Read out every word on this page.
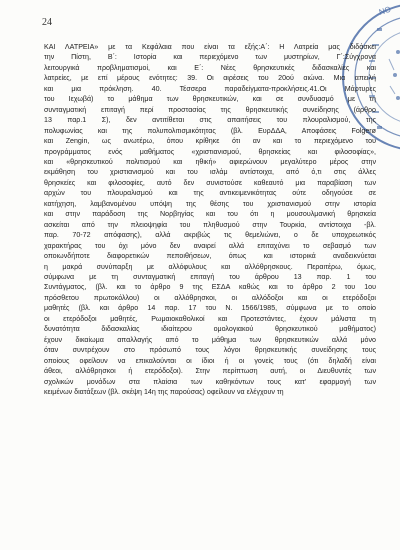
24
ΝΟ
ΚΑΙ ΛΑΤΡΕΙΑ» με τα Κεφάλαια που είναι τα εξής:Α΄: Η Λατρεία μας διδάσκει
την Πίστη, Β΄: Ιστορία και περιεχόμενο των μυστηρίων, Γ΄:Σύγχρονα
λειτουργικά προβληματισμοί, και Ε΄: Νέες θρησκευτικές διδασκαλίες και
λατρείες, με επί μέρους ενότητες: 39. Οι αιρέσεις του 20ού αιώνα. Μια απειλή
και μια πρόκληση. 40. Τέσσερα παραδείγματα-προκλήσεις.41.Οι Μάρτυρες
του Ιεχωβά) το μάθημα των θρησκευτικών, και σε συνδυασμό με τη
συνταγματική επιταγή περί προστασίας της θρησκευτικής συνείδησης (άρθρο
13 παρ.1 Σ), δεν αντιτίθεται στις απαιτήσεις του πλουραλισμού, της
πολυφωνίας και της πολυπολιτισμικότητας (βλ. ΕυρΔΔΑ, Αποφάσεις Folgerø
και Zengin, ως ανωτέρω, όπου κρίθηκε ότι αν και το περιεχόμενο του
προγράμματος ενός μαθήματος «χριστιανισμού, θρησκείας και φιλοσοφίας»,
και «θρησκευτικού πολιτισμού και ηθική» αφιερώνουν μεγαλύτερο μέρος στην
εκμάθηση του χριστιανισμού και του ισλάμ αντίστοιχα, από ό,τι στις άλλες
θρησκείες και φιλοσοφίες, αυτό δεν συνιστούσε καθεαυτό μια παραβίαση των
αρχών του πλουραλισμού και της αντικειμενικότητας ούτε οδηγούσε σε
κατήχηση, λαμβανομένου υπόψη της θέσης του χριστιανισμού στην ιστορία
και στην παράδοση της Νορβηγίας και του ότι η μουσουλμανική θρησκεία
ασκείται από την πλειοψηφία του πληθυσμού στην Τουρκία, αντίστοιχα -βλ.
παρ. 70-72 απόφασης), αλλά ακριβώς τις θεμελιώνει, ο δε υποχρεωτικός
χαρακτήρας του όχι μόνο δεν αναιρεί αλλά επιταχύνει το σεβασμό των
οποιωνδήποτε διαφορετικών πεποιθήσεων, όπως και ιστορικά αναδεικνύεται
η μακρά συνύπαρξη με αλλόφυλους και αλλόθρησκους. Περαιτέρω, όμως,
σύμφωνα με τη συνταγματική επιταγή του άρθρου 13 παρ. 1 του
Συντάγματος, (βλ. και το άρθρο 9 της ΕΣΔΑ καθώς και το άρθρο 2 του 1ου
πρόσθετου πρωτοκόλλου) οι αλλόθρησκοι, οι αλλόδοξοι και οι ετερόδοξοι
μαθητές (βλ. και άρθρο 14 παρ. 17 του Ν. 1566/1985, σύμφωνα με το οποίο
οι ετερόδοξοι μαθητές, Ρωμαιοκαθολικοί και Προτεστάντες, έχουν μάλιστα τη
δυνατότητα διδασκαλίας ιδιαίτερου ομολογιακού θρησκευτικού μαθήματος)
έχουν δικαίωμα απαλλαγής από το μάθημα των θρησκευτικών αλλά μόνο
όταν συντρέχουν στο πρόσωπό τους λόγοι θρησκευτικής συνείδησης τους
οποίους οφείλουν να επικαλούνται οι ίδιοι ή οι γονείς τους (ότι δηλαδή είναι
άθεοι, αλλόθρησκοι ή ετερόδοξοι). Στην περίπτωση αυτή, οι Διευθυντές των
σχολικών μονάδων στα πλαίσια των καθηκόντων τους κατ' εφαρμογή των
κειμένων διατάξεων (βλ. σκέψη 14η της παρούσας) οφείλουν να ελέγχουν τη
